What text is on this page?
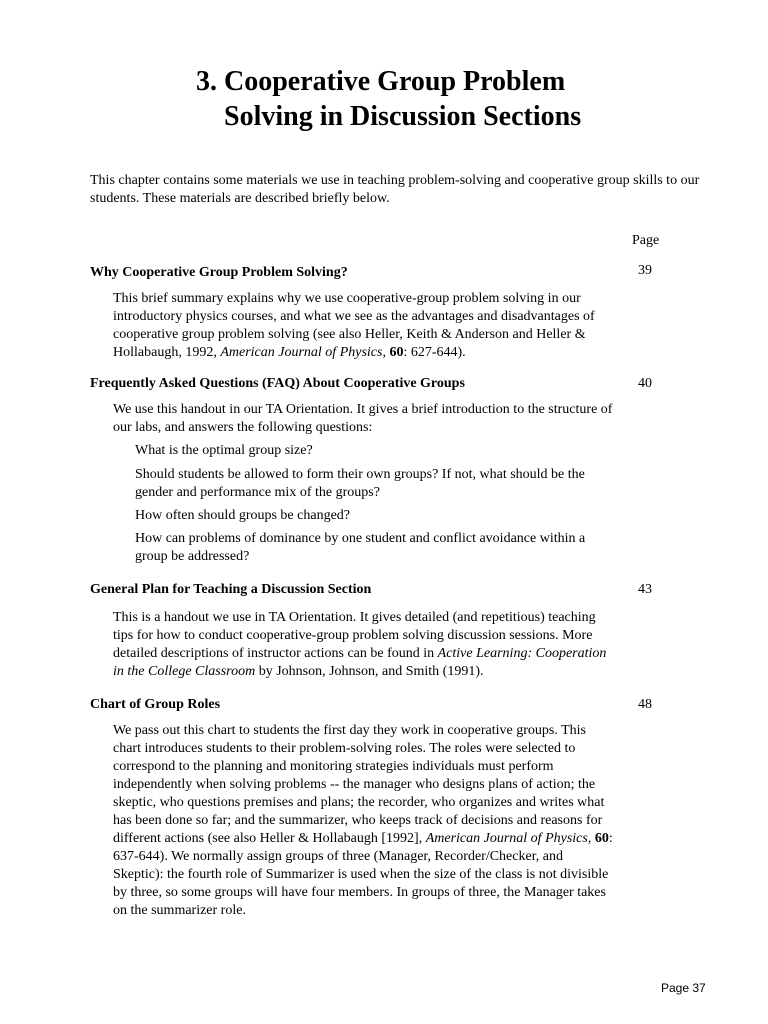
3. Cooperative Group Problem
Solving in Discussion Sections

This chapter contains some materials we use in teaching problem-solving and cooperative group skills to our students. These materials are described briefly below.

Page
Why Cooperative Group Problem Solving?	39

This brief summary explains why we use cooperative-group problem solving in our introductory physics courses, and what we see as the advantages and disadvantages of cooperative group problem solving (see also Heller, Keith & Anderson and Heller & Hollabaugh, 1992, American Journal of Physics, 60: 627-644).

Frequently Asked Questions (FAQ) About Cooperative Groups	40

We use this handout in our TA Orientation. It gives a brief introduction to the structure of our labs, and answers the following questions:

What is the optimal group size?

Should students be allowed to form their own groups? If not, what should be the gender and performance mix of the groups?

How often should groups be changed?

How can problems of dominance by one student and conflict avoidance within a group be addressed?

General Plan for Teaching a Discussion Section	43

This is a handout we use in TA Orientation. It gives detailed (and repetitious) teaching tips for how to conduct cooperative-group problem solving discussion sessions. More detailed descriptions of instructor actions can be found in Active Learning: Cooperation in the College Classroom by Johnson, Johnson, and Smith (1991).

Chart of Group Roles	48

We pass out this chart to students the first day they work in cooperative groups. This chart introduces students to their problem-solving roles. The roles were selected to correspond to the planning and monitoring strategies individuals must perform independently when solving problems -- the manager who designs plans of action; the skeptic, who questions premises and plans; the recorder, who organizes and writes what has been done so far; and the summarizer, who keeps track of decisions and reasons for different actions (see also Heller & Hollabaugh [1992], American Journal of Physics, 60: 637-644). We normally assign groups of three (Manager, Recorder/Checker, and Skeptic): the fourth role of Summarizer is used when the size of the class is not divisible by three, so some groups will have four members. In groups of three, the Manager takes on the summarizer role.

Page 37
